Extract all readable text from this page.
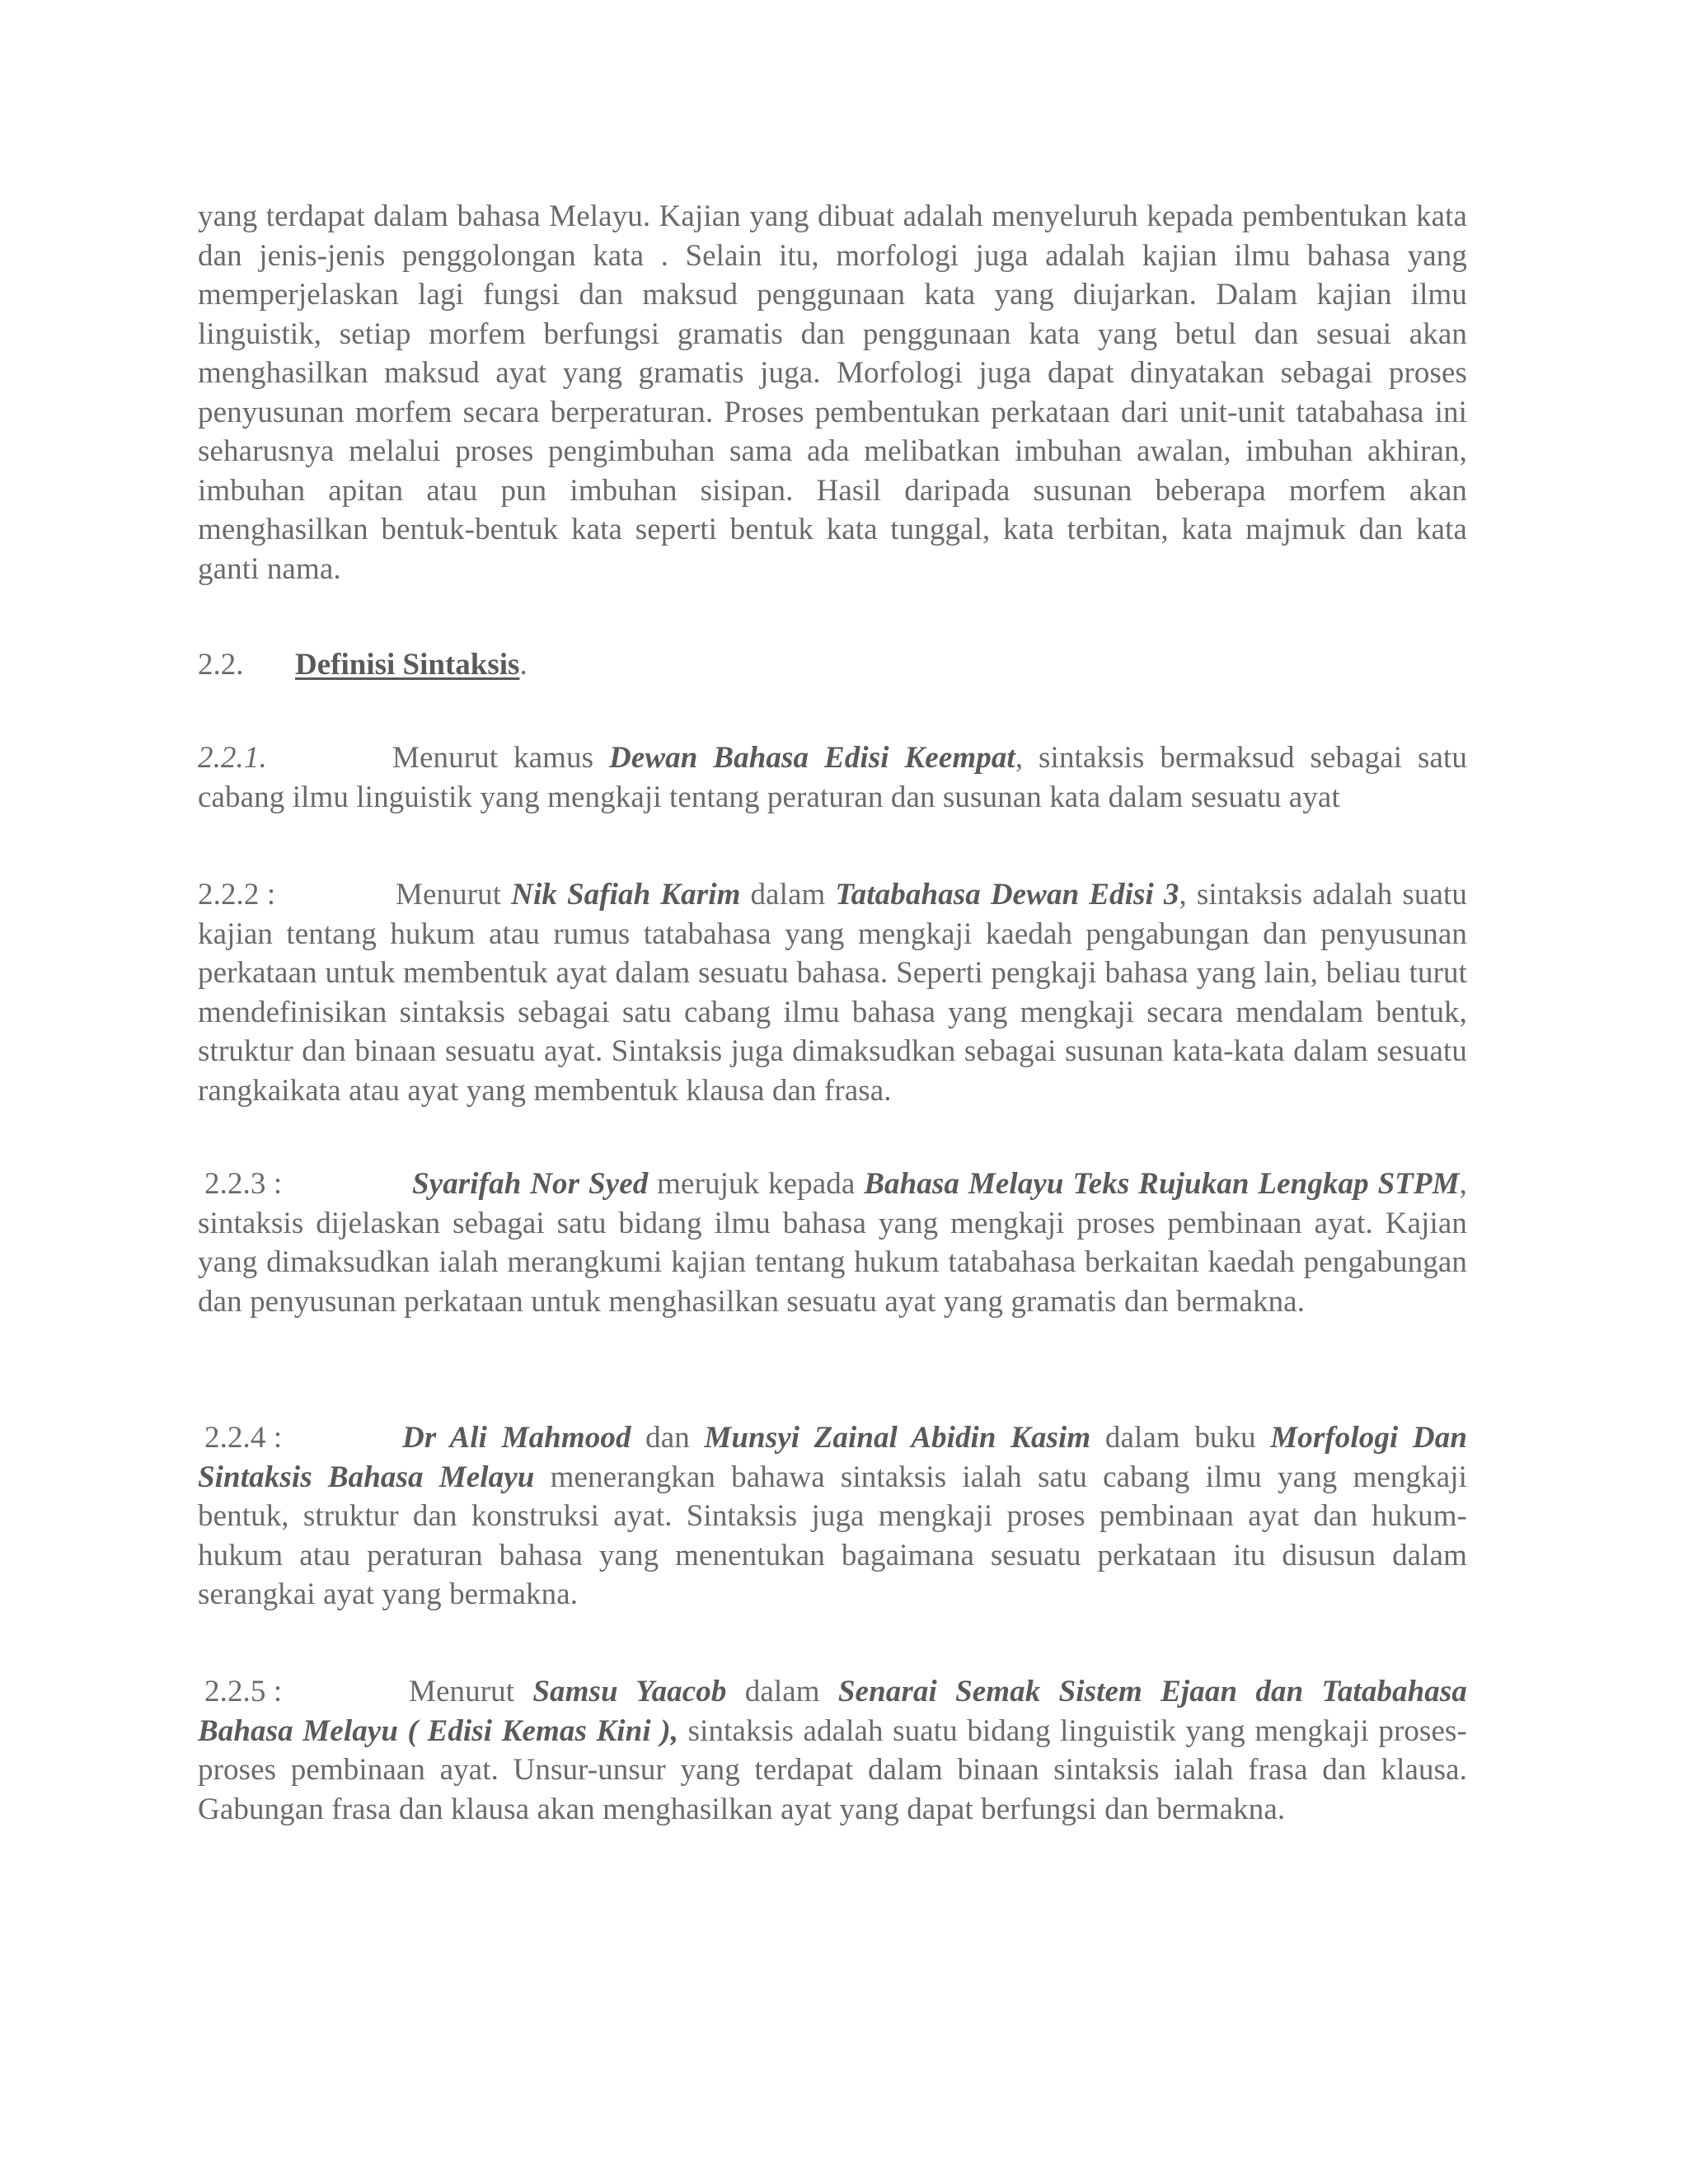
yang terdapat dalam bahasa Melayu. Kajian yang dibuat adalah menyeluruh kepada pembentukan kata dan jenis-jenis penggolongan kata . Selain itu, morfologi juga adalah kajian ilmu bahasa yang memperjelaskan lagi fungsi dan maksud penggunaan kata yang diujarkan. Dalam kajian ilmu linguistik, setiap morfem berfungsi gramatis dan penggunaan kata yang betul dan sesuai akan menghasilkan maksud ayat yang gramatis juga. Morfologi juga dapat dinyatakan sebagai proses penyusunan morfem secara berperaturan. Proses pembentukan perkataan dari unit-unit tatabahasa ini seharusnya melalui proses pengimbuhan sama ada melibatkan imbuhan awalan, imbuhan akhiran, imbuhan apitan atau pun imbuhan sisipan. Hasil daripada susunan beberapa morfem akan menghasilkan bentuk-bentuk kata seperti bentuk kata tunggal, kata terbitan, kata majmuk dan kata ganti nama.
2.2. Definisi Sintaksis.
2.2.1.	Menurut kamus Dewan Bahasa Edisi Keempat, sintaksis bermaksud sebagai satu cabang ilmu linguistik yang mengkaji tentang peraturan dan susunan kata dalam sesuatu ayat
2.2.2 :	Menurut Nik Safiah Karim dalam Tatabahasa Dewan Edisi 3, sintaksis adalah suatu kajian tentang hukum atau rumus tatabahasa yang mengkaji kaedah pengabungan dan penyusunan perkataan untuk membentuk ayat dalam sesuatu bahasa. Seperti pengkaji bahasa yang lain, beliau turut mendefinisikan sintaksis sebagai satu cabang ilmu bahasa yang mengkaji secara mendalam bentuk, struktur dan binaan sesuatu ayat. Sintaksis juga dimaksudkan sebagai susunan kata-kata dalam sesuatu rangkaikata atau ayat yang membentuk klausa dan frasa.
2.2.3 :	Syarifah Nor Syed merujuk kepada Bahasa Melayu Teks Rujukan Lengkap STPM, sintaksis dijelaskan sebagai satu bidang ilmu bahasa yang mengkaji proses pembinaan ayat. Kajian yang dimaksudkan ialah merangkumi kajian tentang hukum tatabahasa berkaitan kaedah pengabungan dan penyusunan perkataan untuk menghasilkan sesuatu ayat yang gramatis dan bermakna.
2.2.4 :	Dr Ali Mahmood dan Munsyi Zainal Abidin Kasim dalam buku Morfologi Dan Sintaksis Bahasa Melayu menerangkan bahawa sintaksis ialah satu cabang ilmu yang mengkaji bentuk, struktur dan konstruksi ayat. Sintaksis juga mengkaji proses pembinaan ayat dan hukum-hukum atau peraturan bahasa yang menentukan bagaimana sesuatu perkataan itu disusun dalam serangkai ayat yang bermakna.
2.2.5 :	Menurut Samsu Yaacob dalam Senarai Semak Sistem Ejaan dan Tatabahasa Bahasa Melayu ( Edisi Kemas Kini ), sintaksis adalah suatu bidang linguistik yang mengkaji proses-proses pembinaan ayat. Unsur-unsur yang terdapat dalam binaan sintaksis ialah frasa dan klausa. Gabungan frasa dan klausa akan menghasilkan ayat yang dapat berfungsi dan bermakna.
